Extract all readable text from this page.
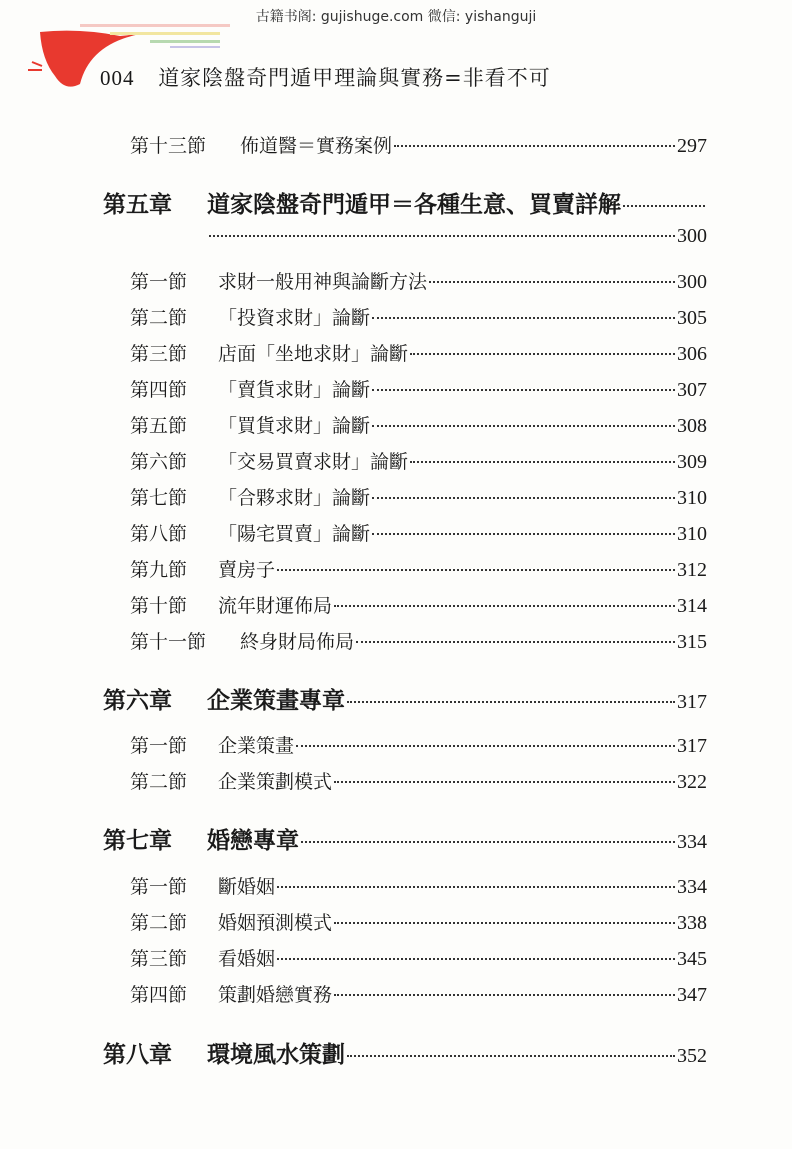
古籍书阁: gujishuge.com 微信: yishanguji
004 道家陰盤奇門遁甲理論與實務=非看不可
第十三節 佈道醫＝實務案例	297
第五章 道家陰盤奇門遁甲＝各種生意、買賣詳解
300
第一節 求財一般用神與論斷方法	300
第二節 「投資求財」論斷	305
第三節 店面「坐地求財」論斷	306
第四節 「賣貨求財」論斷	307
第五節 「買貨求財」論斷	308
第六節 「交易買賣求財」論斷	309
第七節 「合夥求財」論斷	310
第八節 「陽宅買賣」論斷	310
第九節 賣房子	312
第十節 流年財運佈局	314
第十一節 終身財局佈局	315
第六章 企業策畫專章	317
第一節 企業策畫	317
第二節 企業策劃模式	322
第七章 婚戀專章	334
第一節 斷婚姻	334
第二節 婚姻預測模式	338
第三節 看婚姻	345
第四節 策劃婚戀實務	347
第八章 環境風水策劃	352
